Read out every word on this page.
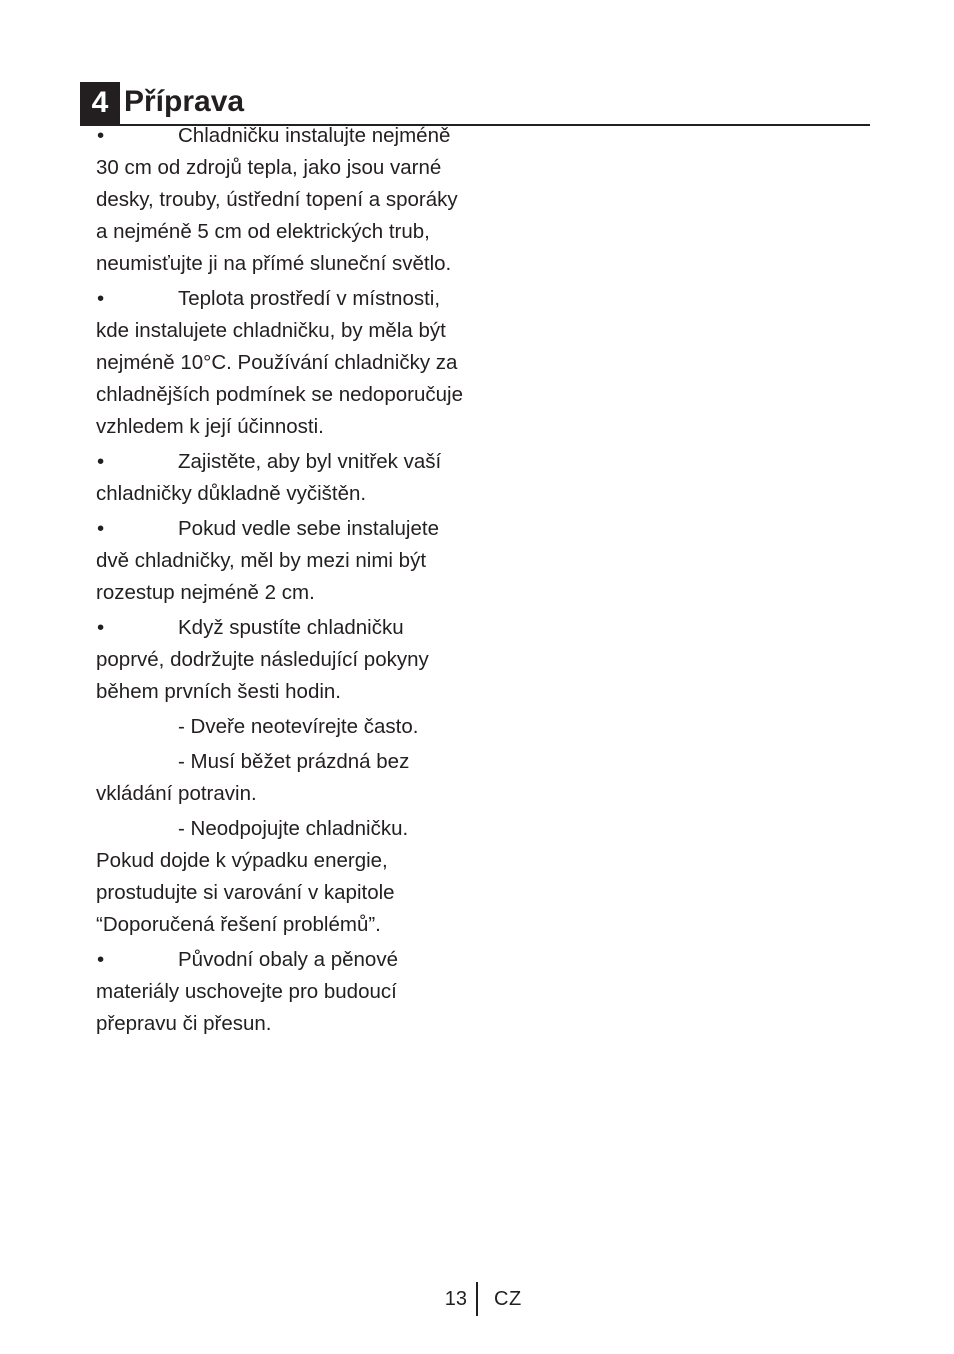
4 Příprava
•	Chladničku instalujte nejméně 30 cm od zdrojů tepla, jako jsou varné desky, trouby, ústřední topení a sporáky a nejméně 5 cm od elektrických trub, neumisťujte ji na přímé sluneční světlo.
•	Teplota prostředí v místnosti, kde instalujete chladničku, by měla být nejméně 10°C. Používání chladničky za chladnějších podmínek se nedoporučuje vzhledem k její účinnosti.
•	Zajistěte, aby byl vnitřek vaší chladničky důkladně vyčištěn.
•	Pokud vedle sebe instalujete dvě chladničky, měl by mezi nimi být rozestup nejméně 2 cm.
•	Když spustíte chladničku poprvé, dodržujte následující pokyny během prvních šesti hodin.
- Dveře neotevírejte často.
- Musí běžet prázdná bez vkládání potravin.
- Neodpojujte chladničku. Pokud dojde k výpadku energie, prostudujte si varování v kapitole “Doporučená řešení problémů”.
•	Původní obaly a pěnové materiály uschovejte pro budoucí přepravu či přesun.
13 CZ
